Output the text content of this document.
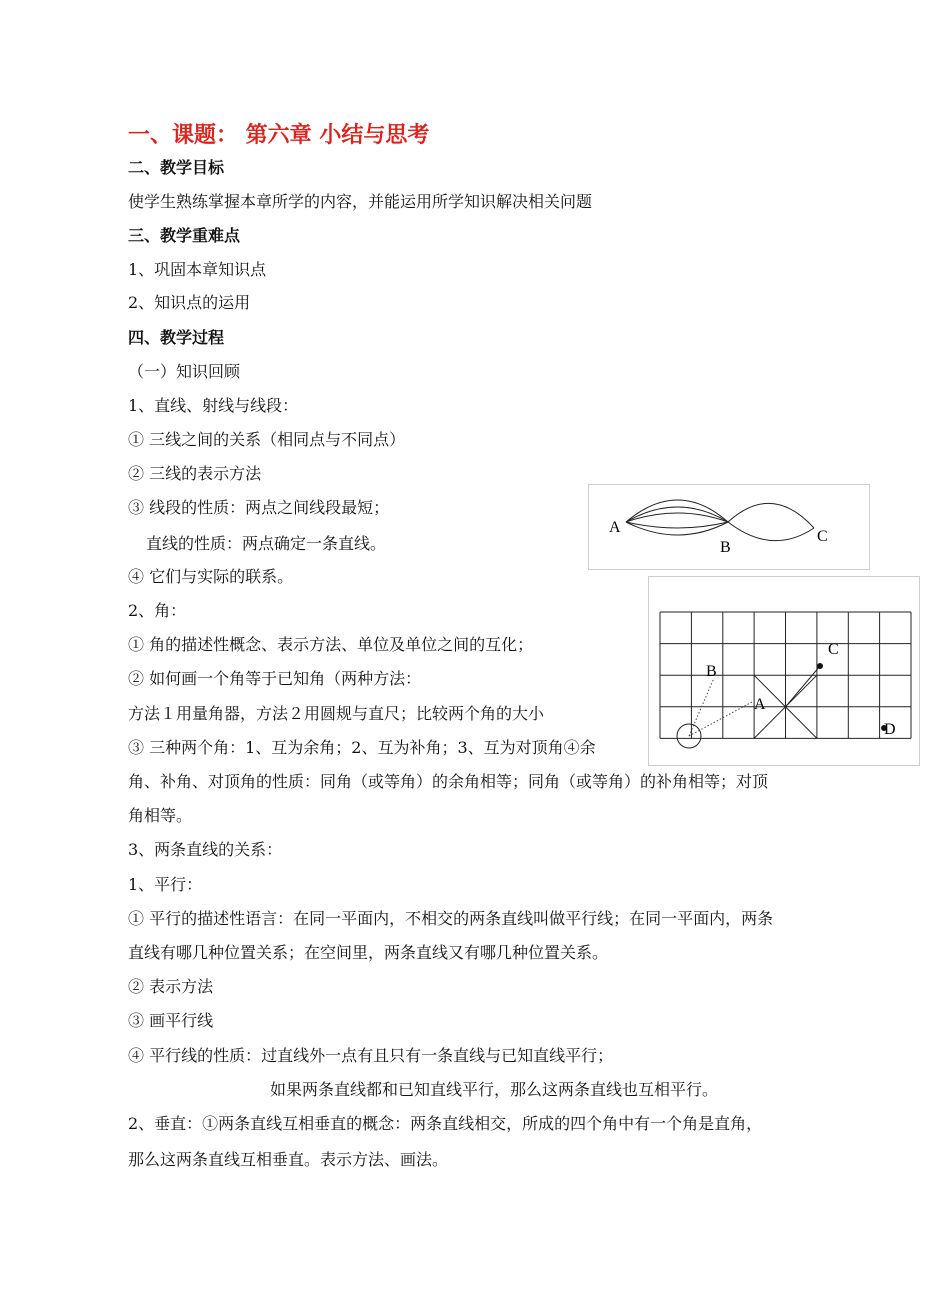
一、课题： 第六章 小结与思考
二、教学目标
使学生熟练掌握本章所学的内容，并能运用所学知识解决相关问题
三、教学重难点
1、巩固本章知识点
2、知识点的运用
四、教学过程
（一）知识回顾
1、直线、射线与线段：
① 三线之间的关系（相同点与不同点）
② 三线的表示方法
③ 线段的性质：两点之间线段最短；
直线的性质：两点确定一条直线。
④ 它们与实际的联系。
2、角：
① 角的描述性概念、表示方法、单位及单位之间的互化；
② 如何画一个角等于已知角（两种方法：
方法１用量角器，方法２用圆规与直尺；比较两个角的大小
③ 三种两个角：1、互为余角；2、互为补角；3、互为对顶角④余
角、补角、对顶角的性质：同角（或等角）的余角相等；同角（或等角）的补角相等；对顶
角相等。
3、两条直线的关系：
1、平行：
① 平行的描述性语言：在同一平面内，不相交的两条直线叫做平行线；在同一平面内，两条
直线有哪几种位置关系；在空间里，两条直线又有哪几种位置关系。
② 表示方法
③ 画平行线
④ 平行线的性质：过直线外一点有且只有一条直线与已知直线平行；
如果两条直线都和已知直线平行，那么这两条直线也互相平行。
2、垂直：①两条直线互相垂直的概念：两条直线相交，所成的四个角中有一个角是直角，
那么这两条直线互相垂直。表示方法、画法。
A
B
C
A
B
C
D
